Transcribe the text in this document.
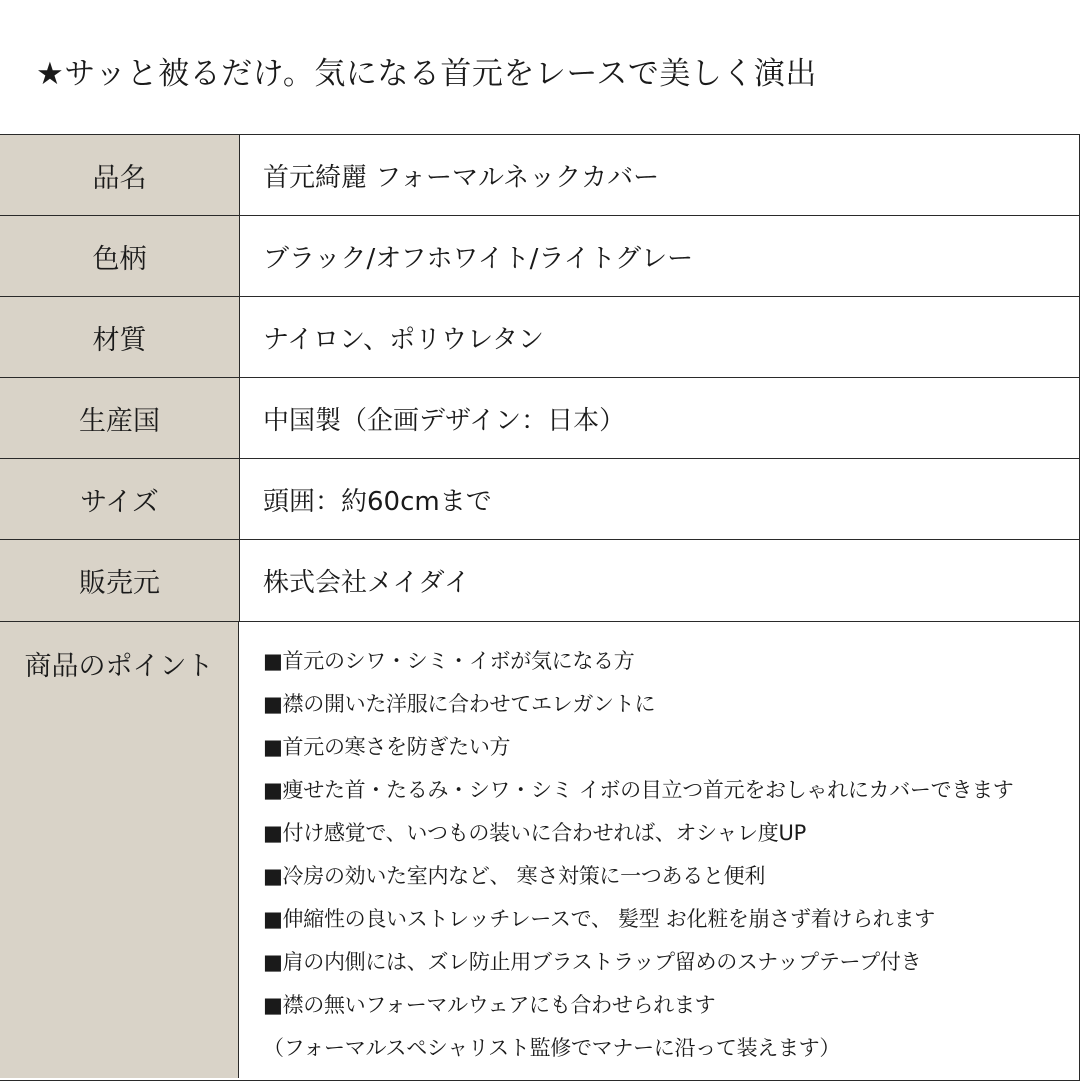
★サッと被るだけ。気になる首元をレースで美しく演出
品名	首元綺麗 フォーマルネックカバー
色柄	ブラック/オフホワイト/ライトグレー
材質	ナイロン、ポリウレタン
生産国	中国製（企画デザイン：日本）
サイズ	頭囲：約60cmまで
販売元	株式会社メイダイ
商品のポイント	■首元のシワ・シミ・イボが気になる方
■襟の開いた洋服に合わせてエレガントに
■首元の寒さを防ぎたい方
■痩せた首・たるみ・シワ・シミ イボの目立つ首元をおしゃれにカバーできます
■付け感覚で、いつもの装いに合わせれば、オシャレ度UP
■冷房の効いた室内など、 寒さ対策に一つあると便利
■伸縮性の良いストレッチレースで、 髪型 お化粧を崩さず着けられます
■肩の内側には、ズレ防止用ブラストラップ留めのスナップテープ付き
■襟の無いフォーマルウェアにも合わせられます
（フォーマルスペシャリスト監修でマナーに沿って装えます）
